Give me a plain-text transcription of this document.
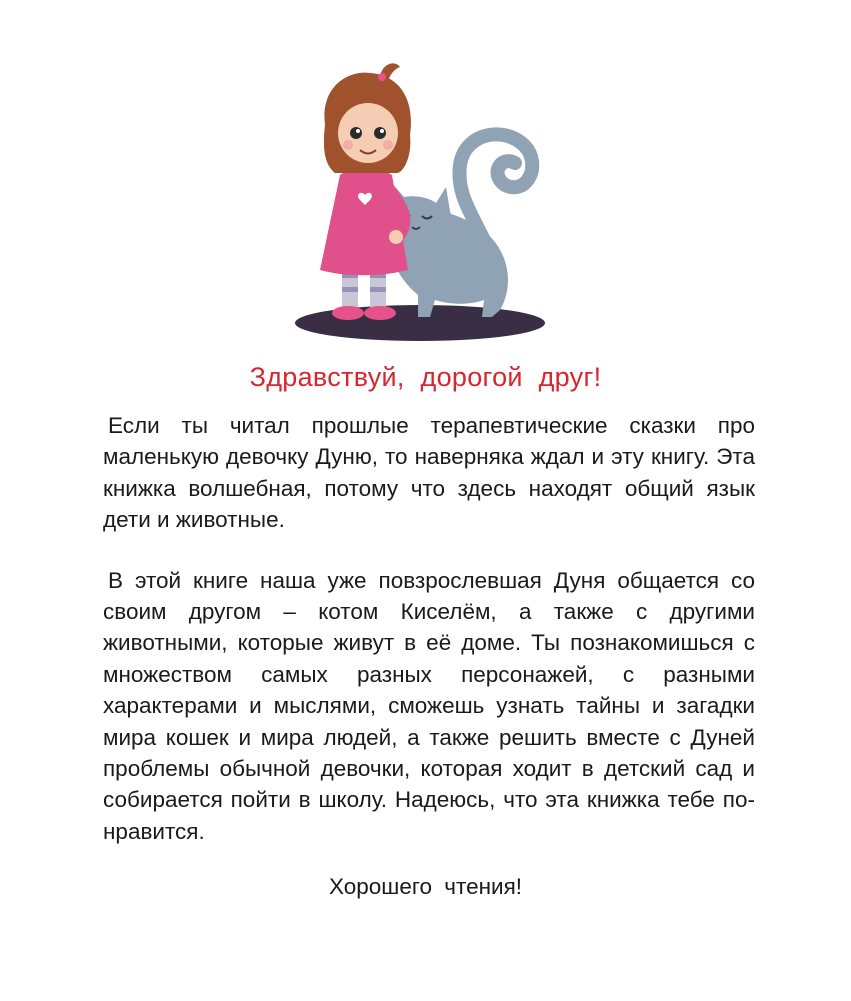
Здравствуй, дорогой друг!

Если ты читал прошлые терапевтические сказки про маленькую девочку Дуню, то наверняка ждал и эту книгу. Эта книжка волшебная, потому что здесь находят общий язык дети и животные.

В этой книге наша уже повзрослевшая Дуня общается со своим другом – котом Киселём, а также с другими животными, которые живут в её доме. Ты познакомишься с множеством самых разных персонажей, с разными характерами и мыслями, сможешь узнать тайны и загадки мира кошек и мира людей, а также решить вместе с Дуней проблемы обычной девочки, которая ходит в детский сад и собирается пойти в школу. Надеюсь, что эта книжка тебе понравится.

Хорошего чтения!
